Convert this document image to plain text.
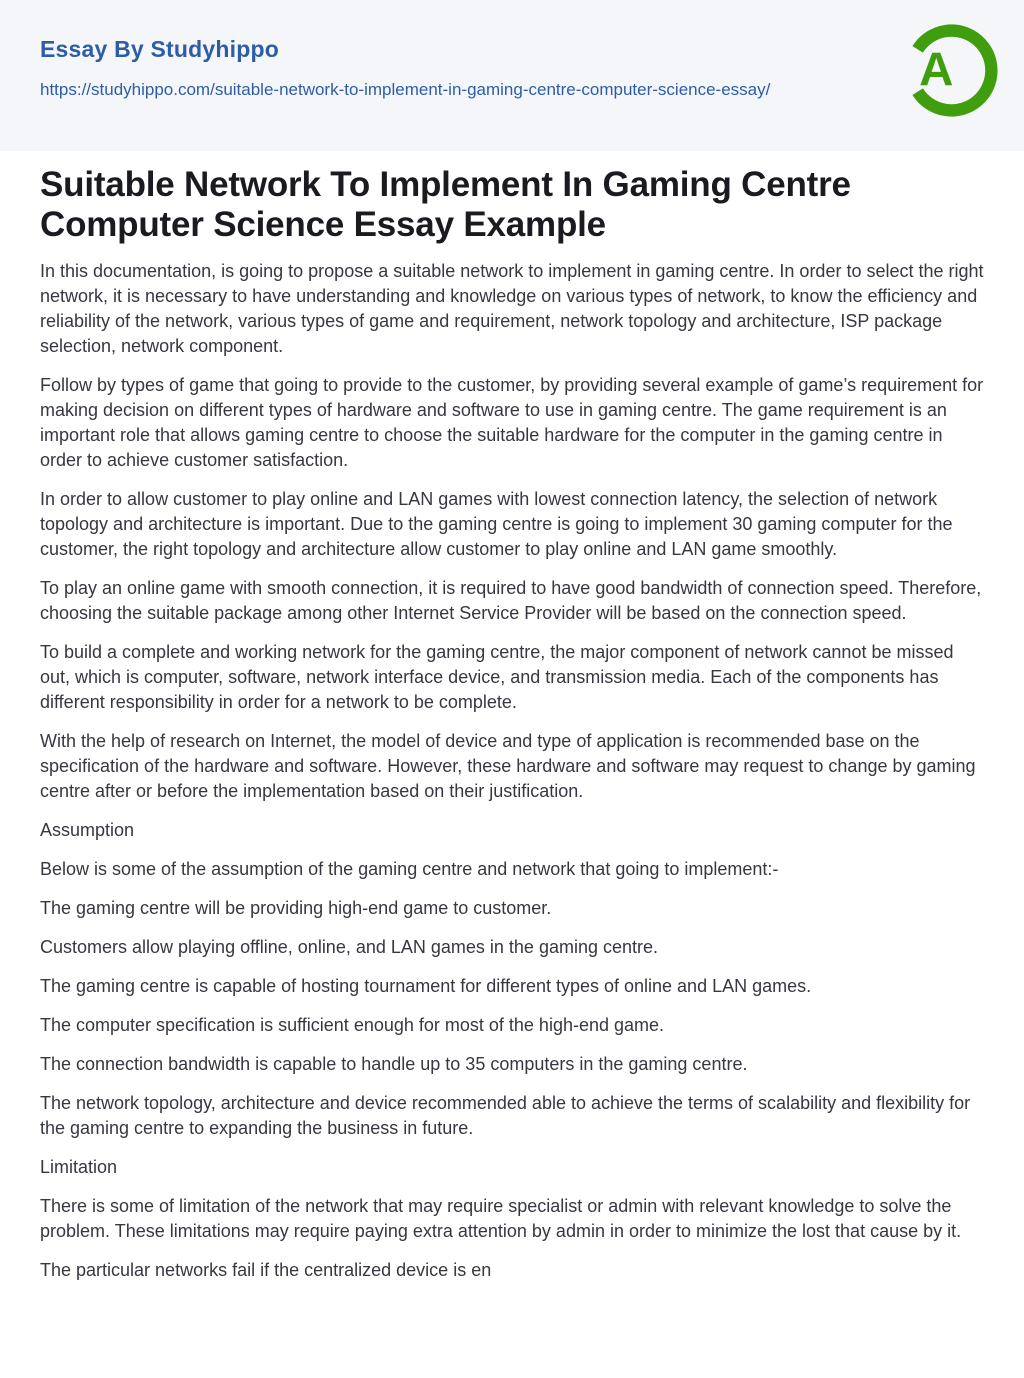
Essay By Studyhippo
https://studyhippo.com/suitable-network-to-implement-in-gaming-centre-computer-science-essay/	A
Suitable Network To Implement In Gaming Centre Computer Science Essay Example

In this documentation, is going to propose a suitable network to implement in gaming centre. In order to select the right network, it is necessary to have understanding and knowledge on various types of network, to know the efficiency and reliability of the network, various types of game and requirement, network topology and architecture, ISP package selection, network component.

Follow by types of game that going to provide to the customer, by providing several example of game’s requirement for making decision on different types of hardware and software to use in gaming centre. The game requirement is an important role that allows gaming centre to choose the suitable hardware for the computer in the gaming centre in order to achieve customer satisfaction.

In order to allow customer to play online and LAN games with lowest connection latency, the selection of network topology and architecture is important. Due to the gaming centre is going to implement 30 gaming computer for the customer, the right topology and architecture allow customer to play online and LAN game smoothly.

To play an online game with smooth connection, it is required to have good bandwidth of connection speed. Therefore, choosing the suitable package among other Internet Service Provider will be based on the connection speed.

To build a complete and working network for the gaming centre, the major component of network cannot be missed out, which is computer, software, network interface device, and transmission media. Each of the components has different responsibility in order for a network to be complete.

With the help of research on Internet, the model of device and type of application is recommended base on the specification of the hardware and software. However, these hardware and software may request to change by gaming centre after or before the implementation based on their justification.

Assumption

Below is some of the assumption of the gaming centre and network that going to implement:-

The gaming centre will be providing high-end game to customer.

Customers allow playing offline, online, and LAN games in the gaming centre.

The gaming centre is capable of hosting tournament for different types of online and LAN games.

The computer specification is sufficient enough for most of the high-end game.

The connection bandwidth is capable to handle up to 35 computers in the gaming centre.

The network topology, architecture and device recommended able to achieve the terms of scalability and flexibility for the gaming centre to expanding the business in future.

Limitation

There is some of limitation of the network that may require specialist or admin with relevant knowledge to solve the problem. These limitations may require paying extra attention by admin in order to minimize the lost that cause by it.

The particular networks fail if the centralized device is en
